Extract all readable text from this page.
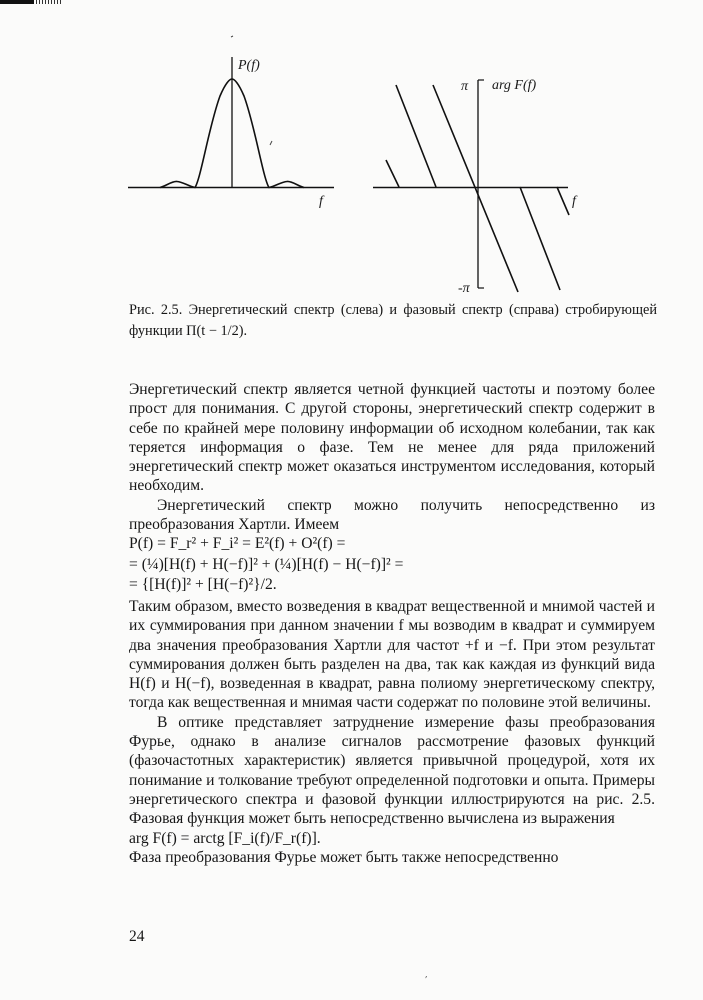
P(f)
f
π arg F(f)
-π
f
Рис. 2.5. Энергетический спектр (слева) и фазовый спектр (справа) стробирующей функции Π(t − 1/2).

Энергетический спектр является четной функцией частоты и поэтому более прост для понимания. С другой стороны, энергетический спектр содержит в себе по крайней мере половину информации об исходном колебании, так как теряется информация о фазе. Тем не менее для ряда приложений энергетический спектр может оказаться инструментом исследования, который необходим.

Энергетический спектр можно получить непосредственно из преобразования Хартли. Имеем

P(f) = F_r² + F_i² = E²(f) + O²(f) =

= (¼)[H(f) + H(−f)]² + (¼)[H(f) − H(−f)]² =

= {[H(f)]² + [H(−f)²}/2.

Таким образом, вместо возведения в квадрат вещественной и мнимой частей и их суммирования при данном значении f мы возводим в квадрат и суммируем два значения преобразования Хартли для частот +f и −f. При этом результат суммирования должен быть разделен на два, так как каждая из функций вида H(f) и H(−f), возведенная в квадрат, равна полиому энергетическому спектру, тогда как вещественная и мнимая части содержат по половине этой величины.

В оптике представляет затруднение измерение фазы преобразования Фурье, однако в анализе сигналов рассмотрение фазовых функций (фазочастотных характеристик) является привычной процедурой, хотя их понимание и толкование требуют определенной подготовки и опыта. Примеры энергетического спектра и фазовой функции иллюстрируются на рис. 2.5. Фазовая функция может быть непосредственно вычислена из выражения

arg F(f) = arctg [F_i(f)/F_r(f)].

Фаза преобразования Фурье может быть также непосредственно

24
´
